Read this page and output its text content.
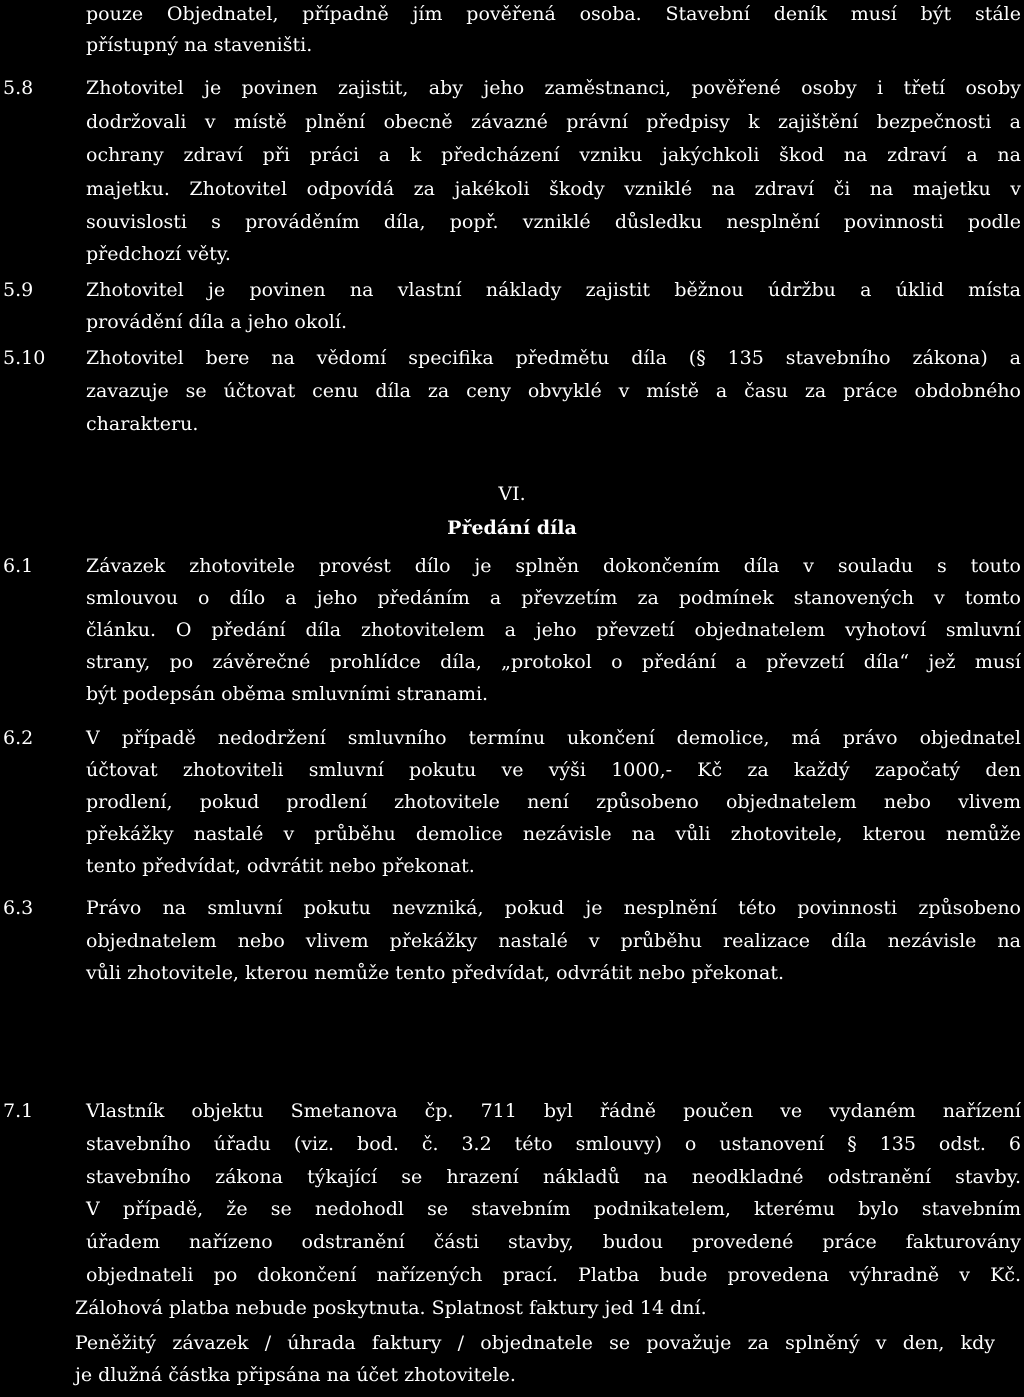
pouze Objednatel, případně jím pověřená osoba. Stavební deník musí být stále
přístupný na staveništi.
5.8	Zhotovitel je povinen zajistit, aby jeho zaměstnanci, pověřené osoby i třetí osoby
dodržovali v místě plnění obecně závazné právní předpisy k zajištění bezpečnosti a
ochrany zdraví při práci a k předcházení vzniku jakýchkoli škod na zdraví a na
majetku. Zhotovitel odpovídá za jakékoli škody vzniklé na zdraví či na majetku v
souvislosti s prováděním díla, popř. vzniklé důsledku nesplnění povinnosti podle
předchozí věty.
5.9	Zhotovitel je povinen na vlastní náklady zajistit běžnou údržbu a úklid místa
provádění díla a jeho okolí.
5.10 Zhotovitel bere na vědomí specifika předmětu díla (§ 135 stavebního zákona) a
zavazuje se účtovat cenu díla za ceny obvyklé v místě a času za práce obdobného
charakteru.
VI.
Předání díla
6.1	Závazek zhotovitele provést dílo je splněn dokončením díla v souladu s touto
smlouvou o dílo a jeho předáním a převzetím za podmínek stanovených v tomto
článku. O předání díla zhotovitelem a jeho převzetí objednatelem vyhotoví smluvní
strany, po závěrečné prohlídce díla, „protokol o předání a převzetí díla“ jež musí
být podepsán oběma smluvními stranami.
6.2	V případě nedodržení smluvního termínu ukončení demolice, má právo objednatel
účtovat zhotoviteli smluvní pokutu ve výši 1000,- Kč za každý započatý den
prodlení, pokud prodlení zhotovitele není způsobeno objednatelem nebo vlivem
překážky nastalé v průběhu demolice nezávisle na vůli zhotovitele, kterou nemůže
tento předvídat, odvrátit nebo překonat.
6.3	Právo na smluvní pokutu nevzniká, pokud je nesplnění této povinnosti způsobeno
objednatelem nebo vlivem překážky nastalé v průběhu realizace díla nezávisle na
vůli zhotovitele, kterou nemůže tento předvídat, odvrátit nebo překonat.
7.1	Vlastník objektu Smetanova čp. 711 byl řádně poučen ve vydaném nařízení
stavebního úřadu (viz. bod. č. 3.2 této smlouvy) o ustanovení § 135 odst. 6
stavebního zákona týkající se hrazení nákladů na neodkladné odstranění stavby.
V případě, že se nedohodl se stavebním podnikatelem, kterému bylo stavebním
úřadem nařízeno odstranění části stavby, budou provedené práce fakturovány
objednateli po dokončení nařízených prací. Platba bude provedena výhradně v Kč.
Zálohová platba nebude poskytnuta. Splatnost faktury jed 14 dní.
Peněžitý závazek / úhrada faktury / objednatele se považuje za splněný v den, kdy
je dlužná částka připsána na účet zhotovitele.
